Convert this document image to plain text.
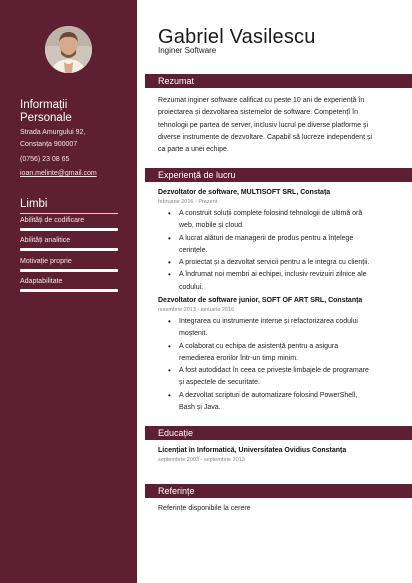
Informații
Personale
Strada Amurgului 92,
Constanța 900007
(0756) 23 08 65
ioan.melinte@gmail.com
Limbi
Abilități de codificare
Abilități analitice
Motivație proprie
Adaptabilitate
Gabriel Vasilescu
Inginer Software
Rezumat
Rezumat inginer software calificat cu peste 10 ani de experiență în
proiectarea și dezvoltarea sistemelor de software. Competențî în
tehnologii pe partea de server, inclusiv lucrul pe diverse platforme și
diverse instrumente de dezvoltare. Capabil să lucreze independent și
ca parte a unei echipe.
Experiență de lucru
Dezvoltator de software, MULTISOFT SRL, Constața
februarie 2016 - Prezent
• A construit soluții complete folosind tehnologii de ultimă oră
web, mobile și cloud.
• A lucrat alături de managerii de produs pentru a înțelege
cerințele.
• A proiectat și a dezvoltat servicii pentru a le integra cu clienții.
• A îndrumat noi membri ai echipei, inclusiv revizuiri zilnice ale
codului.
Dezvoltator de software junior, SOFT OF ART SRL, Constanța
noiembrie 2013 - ianuarie 2016
• Integrarea cu instrumente interne și refactorizarea codului
moștenit.
• A colaborat cu echipa de asistență pentru a asigura
remedierea erorilor într-un timp minim.
• A fost autodidact în ceea ce privește limbajele de programare
și aspectele de securitate.
• A dezvoltat scripturi de automatizare folosind PowerShell,
Bash și Java.
Educație
Licențiat în Informatică, Universitatea Ovidius Constanța
septembrie 2003 - septembrie 2013
Referințe
Referințe disponibile la cerere
